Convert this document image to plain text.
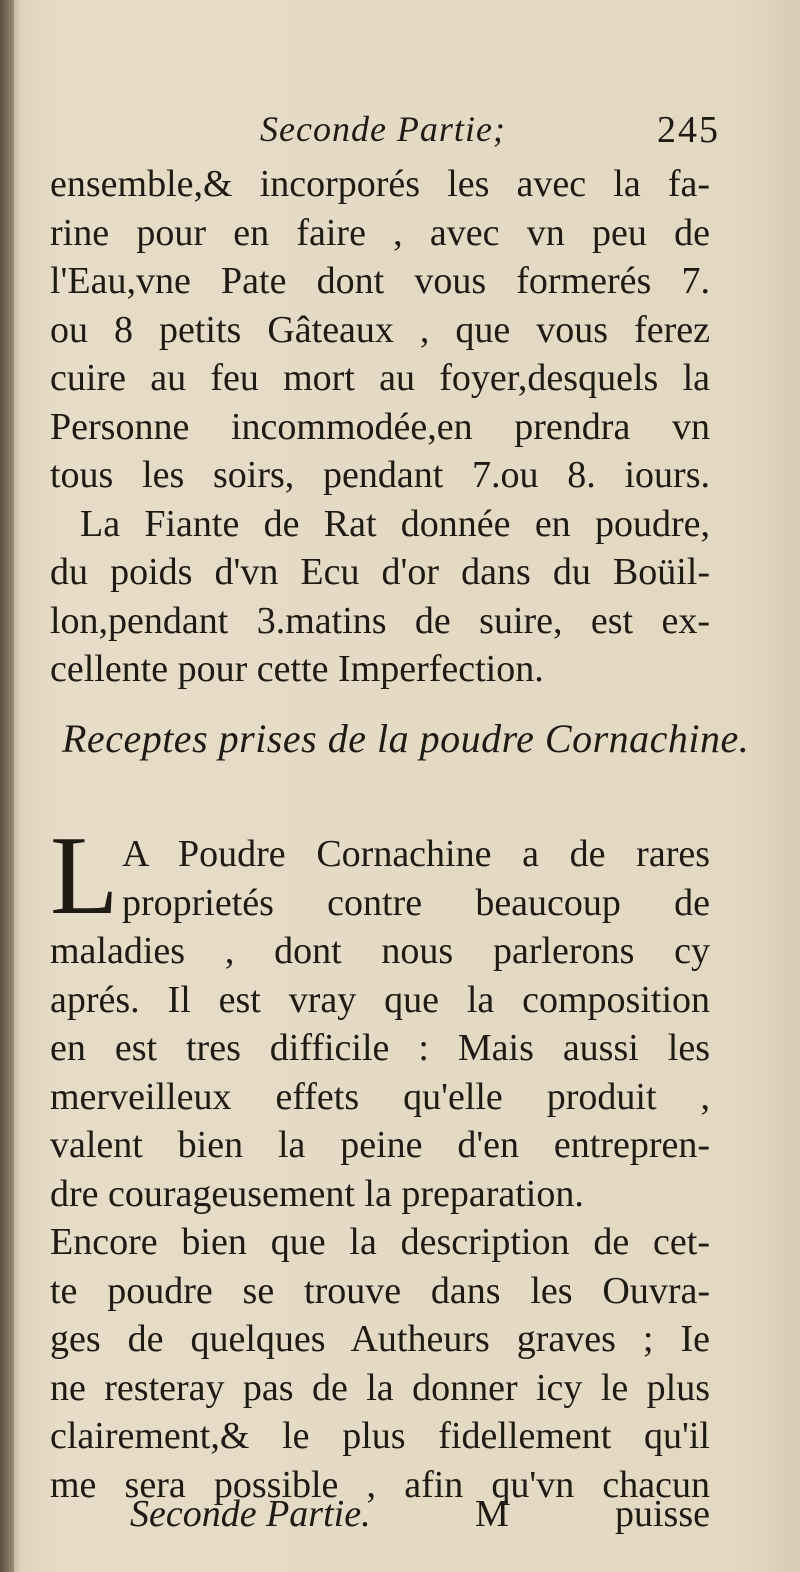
Seconde Partie;	245
ensemble,& incorporés les avec la fa-
rine pour en faire , avec vn peu de
l'Eau,vne Pate dont vous formerés 7.
ou 8 petits Gâteaux , que vous ferez
cuire au feu mort au foyer,desquels la
Personne incommodée,en prendra vn
tous les soirs, pendant 7.ou 8. iours.
La Fiante de Rat donnée en poudre,
du poids d'vn Ecu d'or dans du Boüil-
lon,pendant 3.matins de suire, est ex-
cellente pour cette Imperfection.
Receptes prises de la poudre Cornachine.
L A Poudre Cornachine a de rares
proprietés contre beaucoup de
maladies , dont nous parlerons cy
aprés. Il est vray que la composition
en est tres difficile : Mais aussi les
merveilleux effets qu'elle produit ,
valent bien la peine d'en entrepren-
dre courageusement la preparation.
Encore bien que la description de cet-
te poudre se trouve dans les Ouvra-
ges de quelques Autheurs graves ; Ie
ne resteray pas de la donner icy le plus
clairement,& le plus fidellement qu'il
me sera possible , afin qu'vn chacun
Seconde Partie.	M	puisse
